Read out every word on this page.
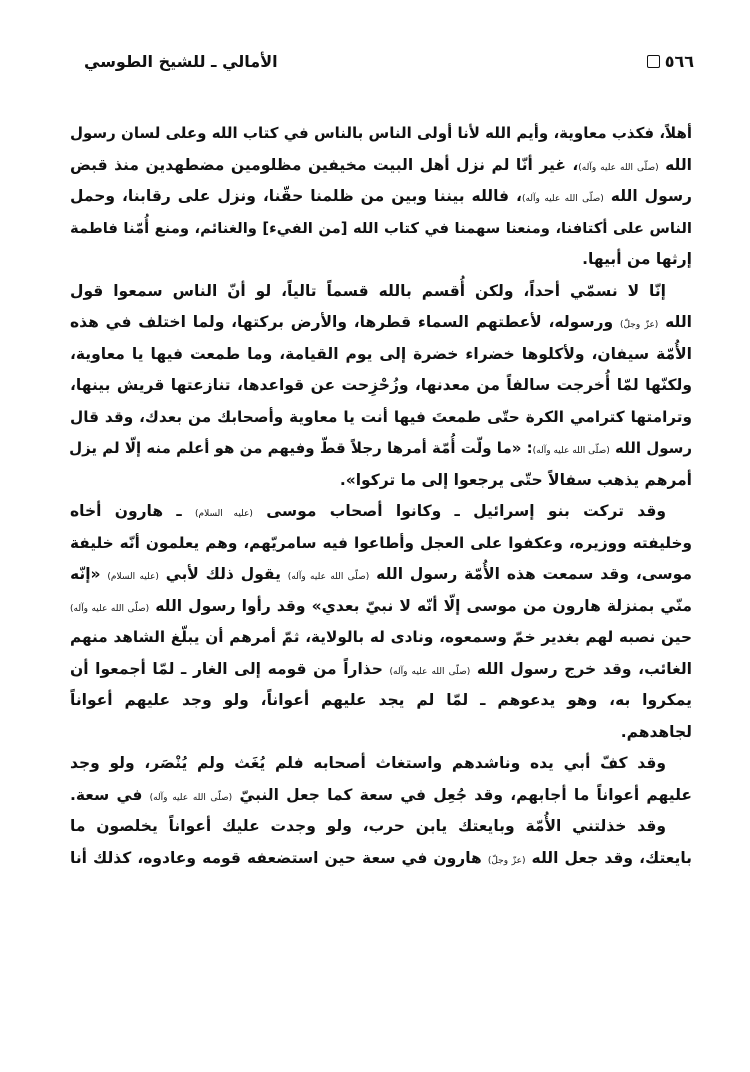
الأمالي ـ للشيخ الطوسي	٥٦٦
أهلاً، فكذب معاوية، وأيم الله لأنا أولى الناس بالناس في كتاب الله وعلى لسان رسول
الله (صلّى الله عليه وآله)، غير أنّا لم نزل أهل البيت مخيفين مظلومين مضطهدين منذ قبض
رسول الله (صلّى الله عليه وآله)، فالله بيننا وبين من ظلمنا حقّنا، ونزل على رقابنا، وحمل
الناس على أكتافنا، ومنعنا سهمنا في كتاب الله [من الفيء] والغنائم، ومنع أُمّنا فاطمة
إرثها من أبيها.
إنّا لا نسمّي أحداً، ولكن أُقسم بالله قسماً تالياً، لو أنّ الناس سمعوا قول
الله (عزّ وجلّ) ورسوله، لأعطتهم السماء قطرها، والأرض بركتها، ولما اختلف في هذه
الأُمّة سيفان، ولأكلوها خضراء خضرة إلى يوم القيامة، وما طمعت فيها يا معاوية،
ولكنّها لمّا أُخرجت سالفاً من معدنها، وزُحْزِحت عن قواعدها، تنازعتها قريش بينها،
وترامتها كترامي الكرة حتّى طمعتَ فيها أنت يا معاوية وأصحابك من بعدك، وقد قال
رسول الله (صلّى الله عليه وآله): «ما ولّت أُمّة أمرها رجلاً قطّ وفيهم من هو أعلم منه إلّا لم يزل
أمرهم يذهب سفالاً حتّى يرجعوا إلى ما تركوا».
وقد تركت بنو إسرائيل ـ وكانوا أصحاب موسى (عليه السلام) ـ هارون أخاه
وخليفته ووزيره، وعكفوا على العجل وأطاعوا فيه سامريّهم، وهم يعلمون أنّه خليفة
موسى، وقد سمعت هذه الأُمّة رسول الله (صلّى الله عليه وآله) يقول ذلك لأبي (عليه السلام) «إنّه
منّي بمنزلة هارون من موسى إلّا أنّه لا نبيّ بعدي» وقد رأوا رسول الله (صلّى الله عليه وآله)
حين نصبه لهم بغدير خمّ وسمعوه، ونادى له بالولاية، ثمّ أمرهم أن يبلّغ الشاهد منهم
الغائب، وقد خرج رسول الله (صلّى الله عليه وآله) حذاراً من قومه إلى الغار ـ لمّا أجمعوا أن
يمكروا به، وهو يدعوهم ـ لمّا لم يجد عليهم أعواناً، ولو وجد عليهم أعواناً
لجاهدهم.
وقد كفّ أبي يده وناشدهم واستغاث أصحابه فلم يُغَث ولم يُنْصَر، ولو وجد
عليهم أعواناً ما أجابهم، وقد جُعِل في سعة كما جعل النبيّ (صلّى الله عليه وآله) في سعة.
وقد خذلتني الأُمّة وبايعتك يابن حرب، ولو وجدت عليك أعواناً يخلصون ما
بايعتك، وقد جعل الله (عزّ وجلّ) هارون في سعة حين استضعفه قومه وعادوه، كذلك أنا
